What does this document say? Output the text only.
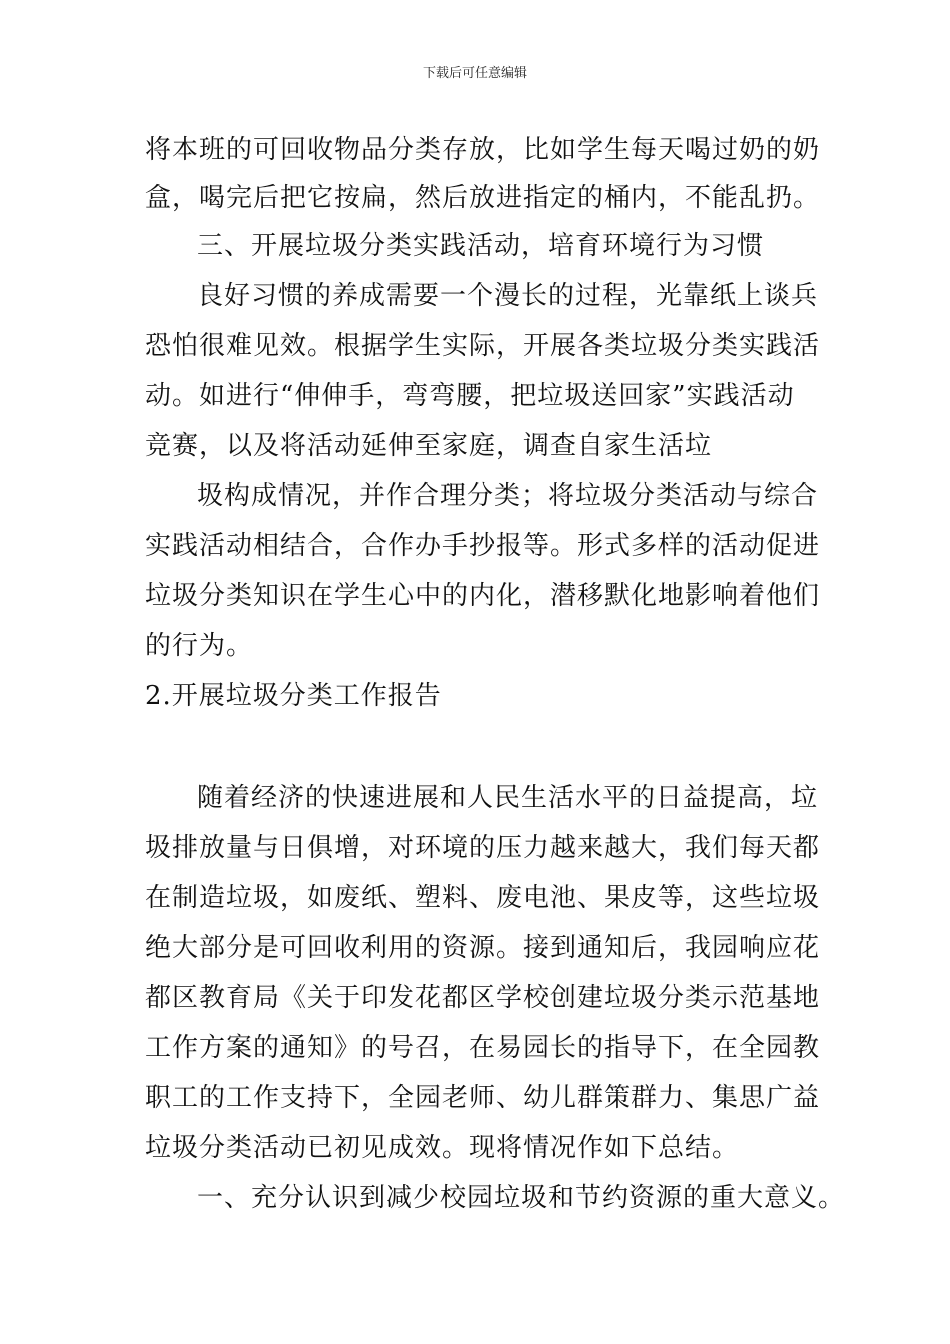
下载后可任意编辑
将本班的可回收物品分类存放，比如学生每天喝过奶的奶
盒，喝完后把它按扁，然后放进指定的桶内，不能乱扔。
三、开展垃圾分类实践活动，培育环境行为习惯
良好习惯的养成需要一个漫长的过程，光靠纸上谈兵
恐怕很难见效。根据学生实际，开展各类垃圾分类实践活
动。如进行“伸伸手，弯弯腰，把垃圾送回家”实践活动
竞赛，以及将活动延伸至家庭，调查自家生活垃
圾构成情况，并作合理分类；将垃圾分类活动与综合
实践活动相结合，合作办手抄报等。形式多样的活动促进
垃圾分类知识在学生心中的内化，潜移默化地影响着他们
的行为。
2.开展垃圾分类工作报告
随着经济的快速进展和人民生活水平的日益提高，垃
圾排放量与日俱增，对环境的压力越来越大，我们每天都
在制造垃圾，如废纸、塑料、废电池、果皮等，这些垃圾
绝大部分是可回收利用的资源。接到通知后，我园响应花
都区教育局《关于印发花都区学校创建垃圾分类示范基地
工作方案的通知》的号召，在易园长的指导下，在全园教
职工的工作支持下，全园老师、幼儿群策群力、集思广益
垃圾分类活动已初见成效。现将情况作如下总结。
一、充分认识到减少校园垃圾和节约资源的重大意义。
